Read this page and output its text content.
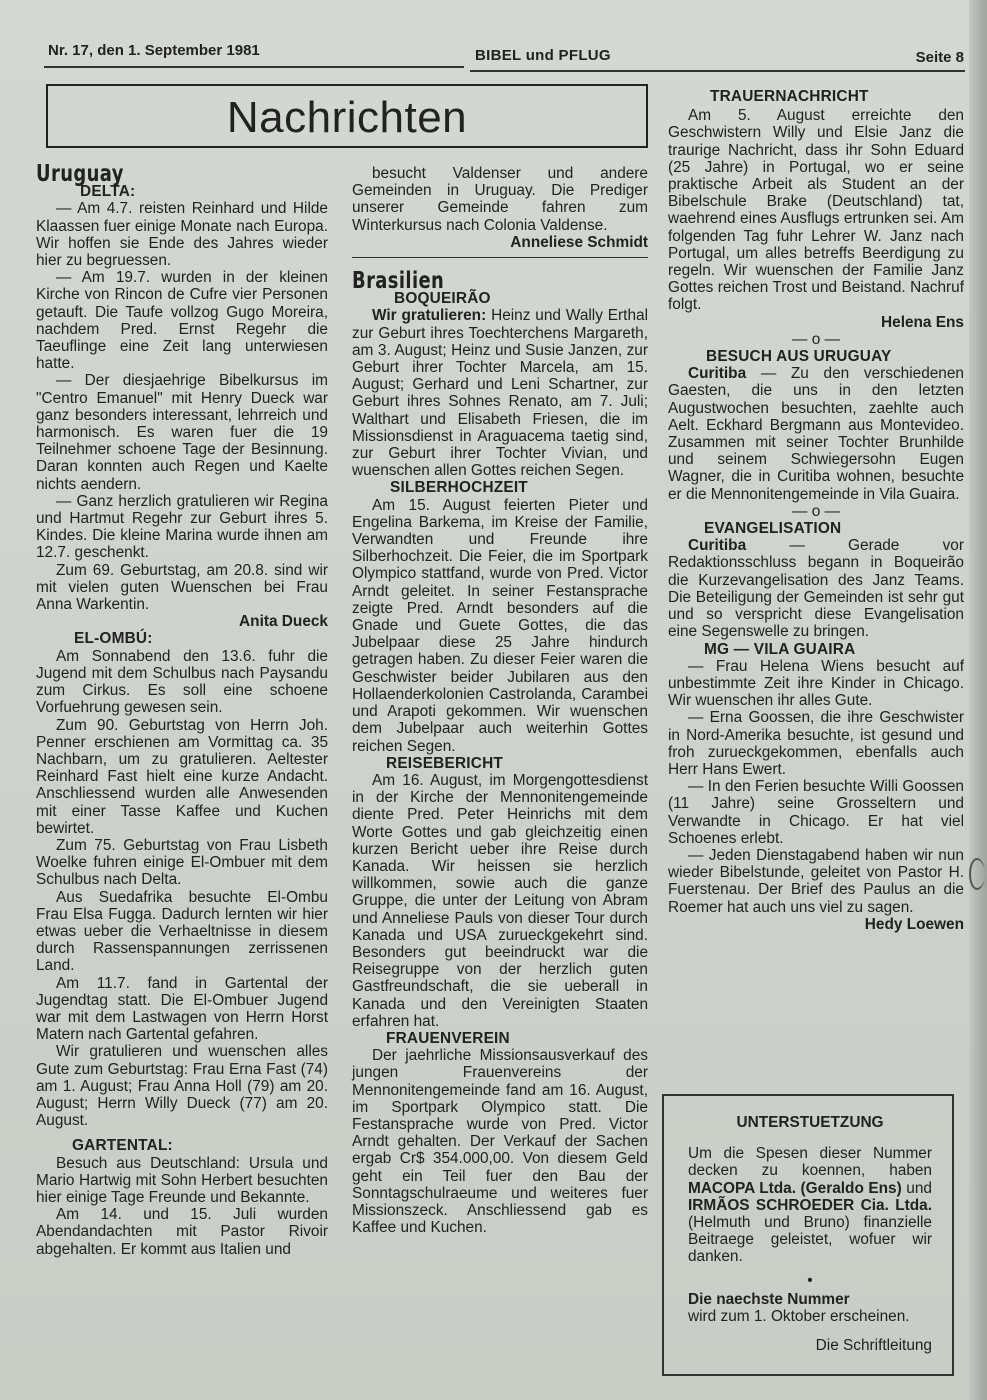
Nr. 17, den 1. September 1981	BIBEL und PFLUG	Seite 8
Nachrichten

Uruguay

DELTA:

— Am 4.7. reisten Reinhard und Hilde Klaassen fuer einige Monate nach Europa. Wir hoffen sie Ende des Jahres wieder hier zu begruessen.

— Am 19.7. wurden in der kleinen Kirche von Rincon de Cufre vier Personen getauft. Die Taufe vollzog Gugo Moreira, nachdem Pred. Ernst Regehr die Taeuflinge eine Zeit lang unterwiesen hatte.

— Der diesjaehrige Bibelkursus im "Centro Emanuel" mit Henry Dueck war ganz besonders interessant, lehrreich und harmonisch. Es waren fuer die 19 Teilnehmer schoene Tage der Besinnung. Daran konnten auch Regen und Kaelte nichts aendern.

— Ganz herzlich gratulieren wir Regina und Hartmut Regehr zur Geburt ihres 5. Kindes. Die kleine Marina wurde ihnen am 12.7. geschenkt.

Zum 69. Geburtstag, am 20.8. sind wir mit vielen guten Wuenschen bei Frau Anna Warkentin.

Anita Dueck

EL-OMBÚ:

Am Sonnabend den 13.6. fuhr die Jugend mit dem Schulbus nach Paysandu zum Cirkus. Es soll eine schoene Vorfuehrung gewesen sein.

Zum 90. Geburtstag von Herrn Joh. Penner erschienen am Vormittag ca. 35 Nachbarn, um zu gratulieren. Aeltester Reinhard Fast hielt eine kurze Andacht. Anschliessend wurden alle Anwesenden mit einer Tasse Kaffee und Kuchen bewirtet.

Zum 75. Geburtstag von Frau Lisbeth Woelke fuhren einige El-Ombuer mit dem Schulbus nach Delta.

Aus Suedafrika besuchte El-Ombu Frau Elsa Fugga. Dadurch lernten wir hier etwas ueber die Verhaeltnisse in diesem durch Rassenspannungen zerrissenen Land.

Am 11.7. fand in Gartental der Jugendtag statt. Die El-Ombuer Jugend war mit dem Lastwagen von Herrn Horst Matern nach Gartental gefahren.

Wir gratulieren und wuenschen alles Gute zum Geburtstag: Frau Erna Fast (74) am 1. August; Frau Anna Holl (79) am 20. August; Herrn Willy Dueck (77) am 20. August.

GARTENTAL:

Besuch aus Deutschland: Ursula und Mario Hartwig mit Sohn Herbert besuchten hier einige Tage Freunde und Bekannte.

Am 14. und 15. Juli wurden Abendandachten mit Pastor Rivoir abgehalten. Er kommt aus Italien und

besucht Valdenser und andere Gemeinden in Uruguay. Die Prediger unserer Gemeinde fahren zum Winterkursus nach Colonia Valdense.

Anneliese Schmidt

Brasilien

BOQUEIRÃO

Wir gratulieren: Heinz und Wally Erthal zur Geburt ihres Toechterchens Margareth, am 3. August; Heinz und Susie Janzen, zur Geburt ihrer Tochter Marcela, am 15. August; Gerhard und Leni Schartner, zur Geburt ihres Sohnes Renato, am 7. Juli; Walthart und Elisabeth Friesen, die im Missionsdienst in Araguacema taetig sind, zur Geburt ihrer Tochter Vivian, und wuenschen allen Gottes reichen Segen.

SILBERHOCHZEIT

Am 15. August feierten Pieter und Engelina Barkema, im Kreise der Familie, Verwandten und Freunde ihre Silberhochzeit. Die Feier, die im Sportpark Olympico stattfand, wurde von Pred. Victor Arndt geleitet. In seiner Festansprache zeigte Pred. Arndt besonders auf die Gnade und Guete Gottes, die das Jubelpaar diese 25 Jahre hindurch getragen haben. Zu dieser Feier waren die Geschwister beider Jubilaren aus den Hollaenderkolonien Castrolanda, Carambei und Arapoti gekommen. Wir wuenschen dem Jubelpaar auch weiterhin Gottes reichen Segen.

REISEBERICHT

Am 16. August, im Morgengottesdienst in der Kirche der Mennonitengemeinde diente Pred. Peter Heinrichs mit dem Worte Gottes und gab gleichzeitig einen kurzen Bericht ueber ihre Reise durch Kanada. Wir heissen sie herzlich willkommen, sowie auch die ganze Gruppe, die unter der Leitung von Abram und Anneliese Pauls von dieser Tour durch Kanada und USA zurueckgekehrt sind. Besonders gut beeindruckt war die Reisegruppe von der herzlich guten Gastfreundschaft, die sie ueberall in Kanada und den Vereinigten Staaten erfahren hat.

FRAUENVEREIN

Der jaehrliche Missionsausverkauf des jungen Frauenvereins der Mennonitengemeinde fand am 16. August, im Sportpark Olympico statt. Die Festansprache wurde von Pred. Victor Arndt gehalten. Der Verkauf der Sachen ergab Cr$ 354.000,00. Von diesem Geld geht ein Teil fuer den Bau der Sonntagschulraeume und weiteres fuer Missionszeck. Anschliessend gab es Kaffee und Kuchen.

TRAUERNACHRICHT

Am 5. August erreichte den Geschwistern Willy und Elsie Janz die traurige Nachricht, dass ihr Sohn Eduard (25 Jahre) in Portugal, wo er seine praktische Arbeit als Student an der Bibelschule Brake (Deutschland) tat, waehrend eines Ausflugs ertrunken sei. Am folgenden Tag fuhr Lehrer W. Janz nach Portugal, um alles betreffs Beerdigung zu regeln. Wir wuenschen der Familie Janz Gottes reichen Trost und Beistand. Nachruf folgt.

Helena Ens

— o —

BESUCH AUS URUGUAY

Curitiba — Zu den verschiedenen Gaesten, die uns in den letzten Augustwochen besuchten, zaehlte auch Aelt. Eckhard Bergmann aus Montevideo. Zusammen mit seiner Tochter Brunhilde und seinem Schwiegersohn Eugen Wagner, die in Curitiba wohnen, besuchte er die Mennonitengemeinde in Vila Guaira.

— o —

EVANGELISATION

Curitiba — Gerade vor Redaktionsschluss begann in Boqueirão die Kurzevangelisation des Janz Teams. Die Beteiligung der Gemeinden ist sehr gut und so verspricht diese Evangelisation eine Segenswelle zu bringen.

MG — VILA GUAIRA

— Frau Helena Wiens besucht auf unbestimmte Zeit ihre Kinder in Chicago. Wir wuenschen ihr alles Gute.

— Erna Goossen, die ihre Geschwister in Nord-Amerika besuchte, ist gesund und froh zurueckgekommen, ebenfalls auch Herr Hans Ewert.

— In den Ferien besuchte Willi Goossen (11 Jahre) seine Grosseltern und Verwandte in Chicago. Er hat viel Schoenes erlebt.

— Jeden Dienstagabend haben wir nun wieder Bibelstunde, geleitet von Pastor H. Fuerstenau. Der Brief des Paulus an die Roemer hat auch uns viel zu sagen.

Hedy Loewen

UNTERSTUETZUNG

Um die Spesen dieser Nummer decken zu koennen, haben MACOPA Ltda. (Geraldo Ens) und IRMÃOS SCHROEDER Cia. Ltda. (Helmuth und Bruno) finanzielle Beitraege geleistet, wofuer wir danken.

•

Die naechste Nummer

wird zum 1. Oktober erscheinen.

Die Schriftleitung
